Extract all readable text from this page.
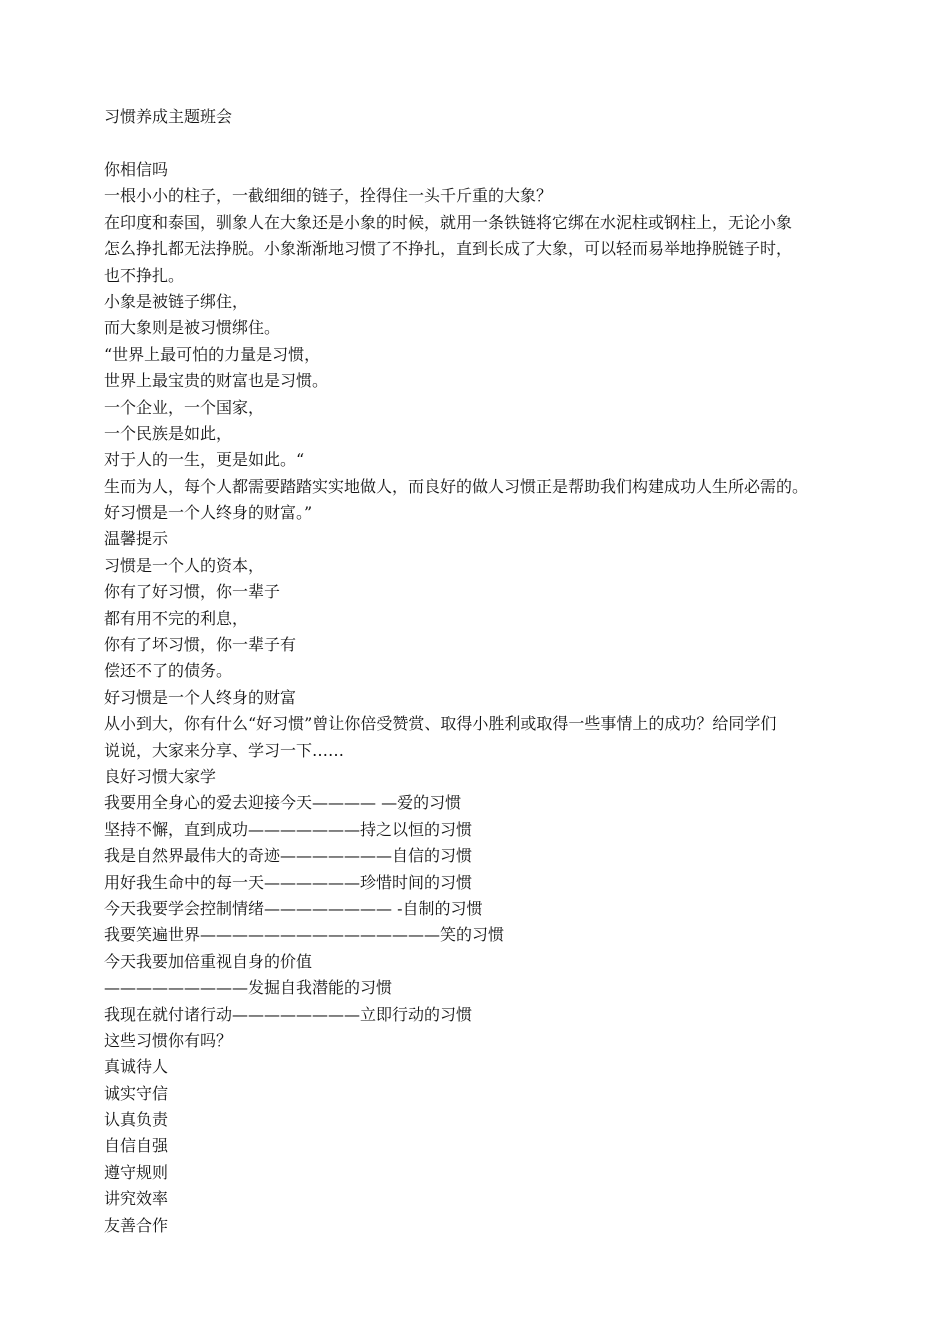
习惯养成主题班会
你相信吗
一根小小的柱子，一截细细的链子，拴得住一头千斤重的大象？
在印度和泰国，驯象人在大象还是小象的时候，就用一条铁链将它绑在水泥柱或钢柱上，无论小象
怎么挣扎都无法挣脱。小象渐渐地习惯了不挣扎，直到长成了大象，可以轻而易举地挣脱链子时，
也不挣扎。
小象是被链子绑住，
而大象则是被习惯绑住。
“世界上最可怕的力量是习惯，
世界上最宝贵的财富也是习惯。
一个企业，一个国家，
一个民族是如此，
对于人的一生，更是如此。“
生而为人，每个人都需要踏踏实实地做人，而良好的做人习惯正是帮助我们构建成功人生所必需的。
好习惯是一个人终身的财富。”
温馨提示
习惯是一个人的资本，
你有了好习惯，你一辈子
都有用不完的利息，
你有了坏习惯，你一辈子有
偿还不了的债务。
好习惯是一个人终身的财富
从小到大，你有什么“好习惯”曾让你倍受赞赏、取得小胜利或取得一些事情上的成功？给同学们
说说，大家来分享、学习一下……
良好习惯大家学
我要用全身心的爱去迎接今天———— —爱的习惯
坚持不懈，直到成功———————持之以恒的习惯
我是自然界最伟大的奇迹———————自信的习惯
用好我生命中的每一天——————珍惜时间的习惯
今天我要学会控制情绪———————— -自制的习惯
我要笑遍世界———————————————笑的习惯
今天我要加倍重视自身的价值
—————————发掘自我潜能的习惯
我现在就付诸行动————————立即行动的习惯
这些习惯你有吗？
真诚待人
诚实守信
认真负责
自信自强
遵守规则
讲究效率
友善合作
